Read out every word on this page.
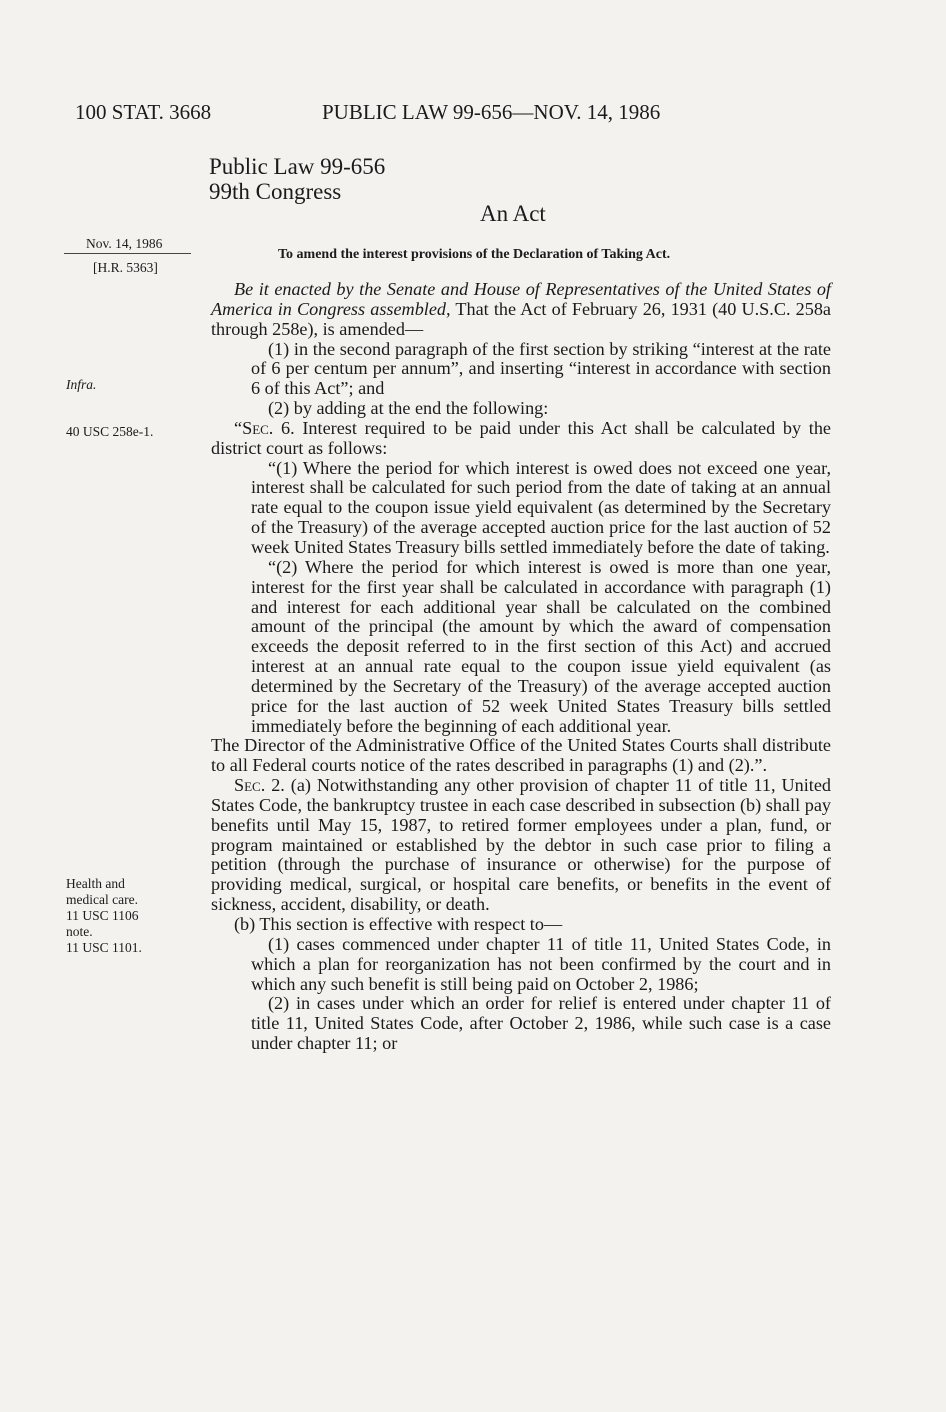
100 STAT. 3668	PUBLIC LAW 99-656—NOV. 14, 1986
Public Law 99-656
99th Congress
An Act
To amend the interest provisions of the Declaration of Taking Act.
Nov. 14, 1986
[H.R. 5363]
Infra.
40 USC 258e-1.
Health and
medical care.
11 USC 1106
note.
11 USC 1101.

Be it enacted by the Senate and House of Representatives of the United States of America in Congress assembled, That the Act of February 26, 1931 (40 U.S.C. 258a through 258e), is amended—

(1) in the second paragraph of the first section by striking “interest at the rate of 6 per centum per annum”, and inserting “interest in accordance with section 6 of this Act”; and

(2) by adding at the end the following:

“Sec. 6. Interest required to be paid under this Act shall be calculated by the district court as follows:

“(1) Where the period for which interest is owed does not exceed one year, interest shall be calculated for such period from the date of taking at an annual rate equal to the coupon issue yield equivalent (as determined by the Secretary of the Treasury) of the average accepted auction price for the last auction of 52 week United States Treasury bills settled immediately before the date of taking.

“(2) Where the period for which interest is owed is more than one year, interest for the first year shall be calculated in accordance with paragraph (1) and interest for each additional year shall be calculated on the combined amount of the principal (the amount by which the award of compensation exceeds the deposit referred to in the first section of this Act) and accrued interest at an annual rate equal to the coupon issue yield equivalent (as determined by the Secretary of the Treasury) of the average accepted auction price for the last auction of 52 week United States Treasury bills settled immediately before the beginning of each additional year.

The Director of the Administrative Office of the United States Courts shall distribute to all Federal courts notice of the rates described in paragraphs (1) and (2).”.

Sec. 2. (a) Notwithstanding any other provision of chapter 11 of title 11, United States Code, the bankruptcy trustee in each case described in subsection (b) shall pay benefits until May 15, 1987, to retired former employees under a plan, fund, or program maintained or established by the debtor in such case prior to filing a petition (through the purchase of insurance or otherwise) for the purpose of providing medical, surgical, or hospital care benefits, or benefits in the event of sickness, accident, disability, or death.

(b) This section is effective with respect to—

(1) cases commenced under chapter 11 of title 11, United States Code, in which a plan for reorganization has not been confirmed by the court and in which any such benefit is still being paid on October 2, 1986;

(2) in cases under which an order for relief is entered under chapter 11 of title 11, United States Code, after October 2, 1986, while such case is a case under chapter 11; or
